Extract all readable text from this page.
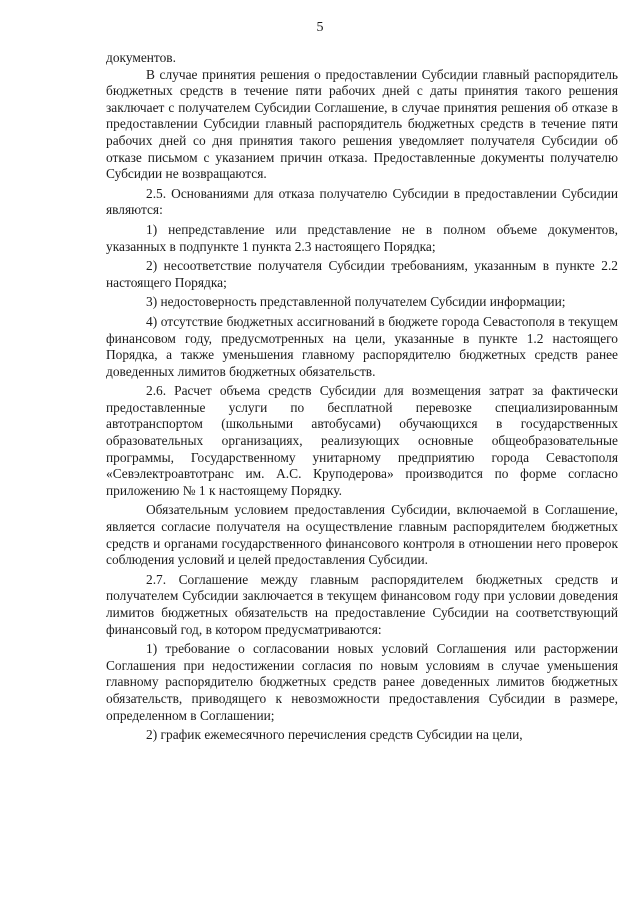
5

документов.

В случае принятия решения о предоставлении Субсидии главный распорядитель бюджетных средств в течение пяти рабочих дней с даты принятия такого решения заключает с получателем Субсидии Соглашение, в случае принятия решения об отказе в предоставлении Субсидии главный распорядитель бюджетных средств в течение пяти рабочих дней со дня принятия такого решения уведомляет получателя Субсидии об отказе письмом с указанием причин отказа. Предоставленные документы получателю Субсидии не возвращаются.

2.5. Основаниями для отказа получателю Субсидии в предоставлении Субсидии являются:

1) непредставление или представление не в полном объеме документов, указанных в подпункте 1 пункта 2.3 настоящего Порядка;

2) несоответствие получателя Субсидии требованиям, указанным в пункте 2.2 настоящего Порядка;

3) недостоверность представленной получателем Субсидии информации;

4) отсутствие бюджетных ассигнований в бюджете города Севастополя в текущем финансовом году, предусмотренных на цели, указанные в пункте 1.2 настоящего Порядка, а также уменьшения главному распорядителю бюджетных средств ранее доведенных лимитов бюджетных обязательств.

2.6. Расчет объема средств Субсидии для возмещения затрат за фактически предоставленные услуги по бесплатной перевозке специализированным автотранспортом (школьными автобусами) обучающихся в государственных образовательных организациях, реализующих основные общеобразовательные программы, Государственному унитарному предприятию города Севастополя «Севэлектроавтотранс им. А.С. Круподерова» производится по форме согласно приложению № 1 к настоящему Порядку.

Обязательным условием предоставления Субсидии, включаемой в Соглашение, является согласие получателя на осуществление главным распорядителем бюджетных средств и органами государственного финансового контроля в отношении него проверок соблюдения условий и целей предоставления Субсидии.

2.7. Соглашение между главным распорядителем бюджетных средств и получателем Субсидии заключается в текущем финансовом году при условии доведения лимитов бюджетных обязательств на предоставление Субсидии на соответствующий финансовый год, в котором предусматриваются:

1) требование о согласовании новых условий Соглашения или расторжении Соглашения при недостижении согласия по новым условиям в случае уменьшения главному распорядителю бюджетных средств ранее доведенных лимитов бюджетных обязательств, приводящего к невозможности предоставления Субсидии в размере, определенном в Соглашении;

2) график ежемесячного перечисления средств Субсидии на цели,
